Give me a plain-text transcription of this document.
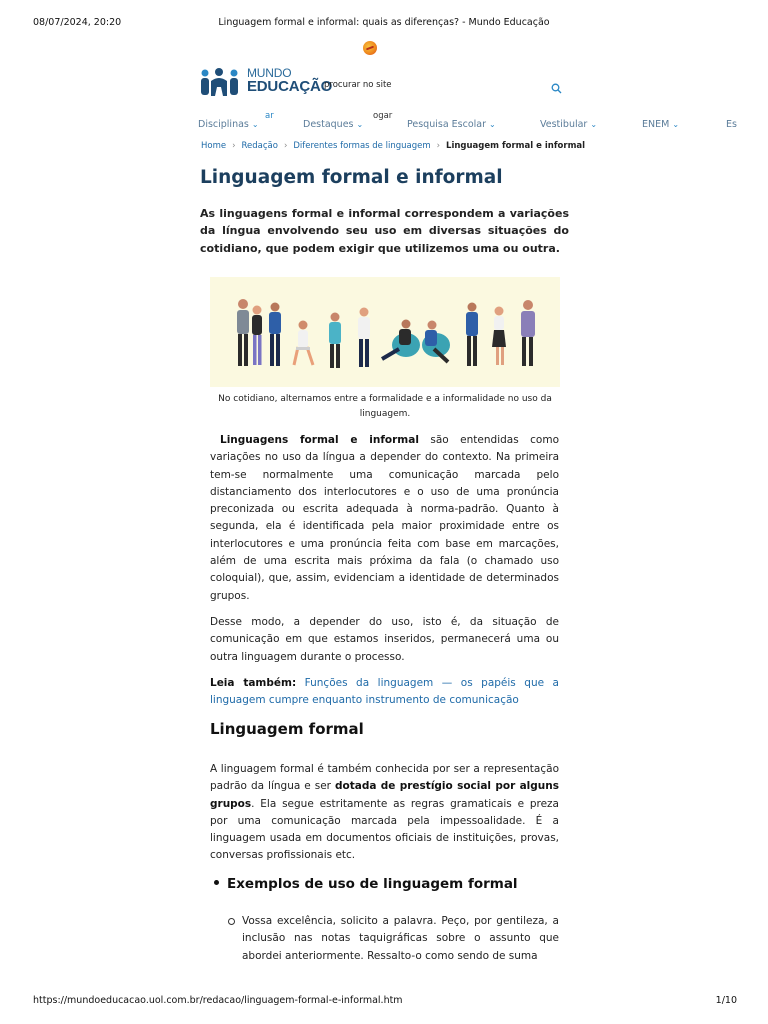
08/07/2024, 20:20	Linguagem formal e informal: quais as diferenças? - Mundo Educação
MUNDO
EDUCAÇÃO
procurar no site
ar	ogar
Disciplinas ⌄	Destaques ⌄	Pesquisa Escolar ⌄	Vestibular ⌄	ENEM ⌄	Es
Home › Redação › Diferentes formas de linguagem › Linguagem formal e informal
Linguagem formal e informal

As linguagens formal e informal correspondem a variações da língua envolvendo seu uso em diversas situações do cotidiano, que podem exigir que utilizemos uma ou outra.

No cotidiano, alternamos entre a formalidade e a informalidade no uso da linguagem.

Linguagens formal e informal são entendidas como variações no uso da língua a depender do contexto. Na primeira tem-se normalmente uma comunicação marcada pelo distanciamento dos interlocutores e o uso de uma pronúncia preconizada ou escrita adequada à norma-padrão. Quanto à segunda, ela é identificada pela maior proximidade entre os interlocutores e uma pronúncia feita com base em marcações, além de uma escrita mais próxima da fala (o chamado uso coloquial), que, assim, evidenciam a identidade de determinados grupos.

Desse modo, a depender do uso, isto é, da situação de comunicação em que estamos inseridos, permanecerá uma ou outra linguagem durante o processo.

Leia também: Funções da linguagem — os papéis que a linguagem cumpre enquanto instrumento de comunicação

Linguagem formal

A linguagem formal é também conhecida por ser a representação padrão da língua e ser dotada de prestígio social por alguns grupos. Ela segue estritamente as regras gramaticais e preza por uma comunicação marcada pela impessoalidade. É a linguagem usada em documentos oficiais de instituições, provas, conversas profissionais etc.

Exemplos de uso de linguagem formal

Vossa excelência, solicito a palavra. Peço, por gentileza, a inclusão nas notas taquigráficas sobre o assunto que abordei anteriormente. Ressalto-o como sendo de suma

https://mundoeducacao.uol.com.br/redacao/linguagem-formal-e-informal.htm	1/10
